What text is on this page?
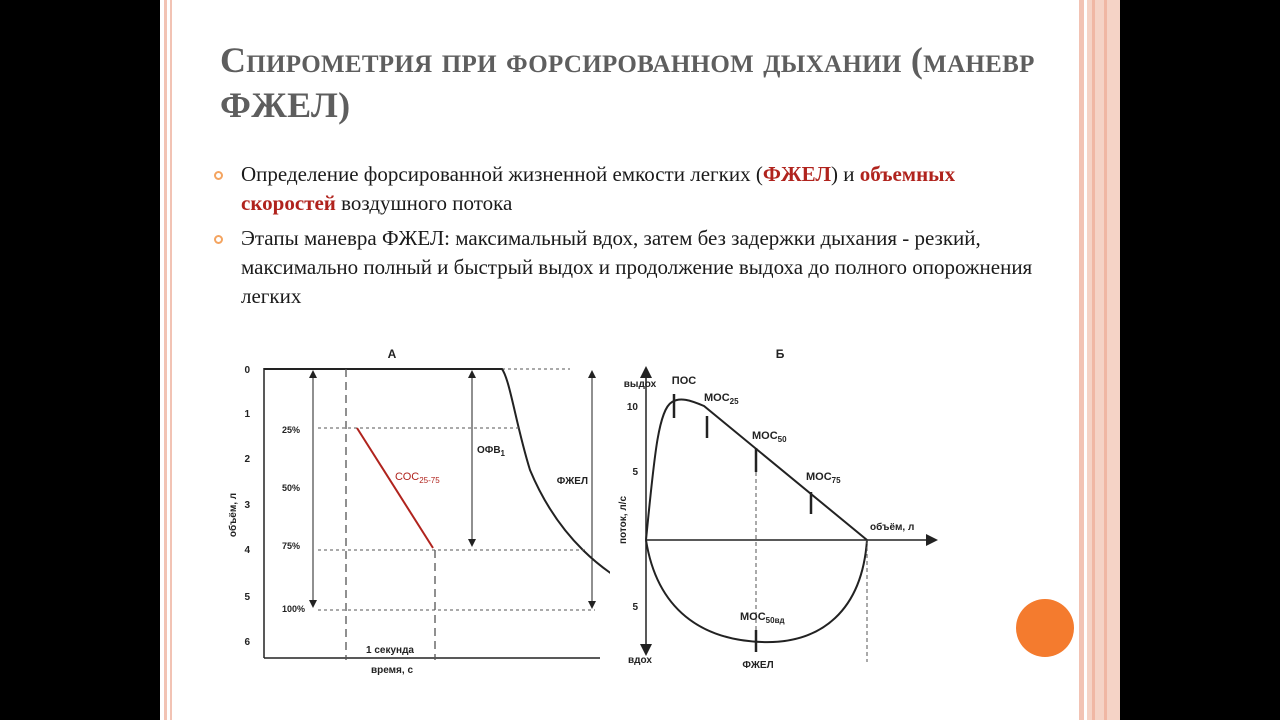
Спирометрия при форсированном дыхании (маневр ФЖЕЛ)
Определение форсированной жизненной емкости легких (ФЖЕЛ) и объемных скоростей воздушного потока
Этапы маневра ФЖЕЛ: максимальный вдох, затем без задержки дыхания - резкий, максимально полный и быстрый выдох и продолжение выдоха до полного опорожнения легких
А
0
1
2
3
4
5
6
объём, л
25%
50%
75%
100%
$СОС_{25-75}$
$ОФВ_1$
ФЖЕЛ
1 секунда
время, с
Б
выдох
вдох
поток, л/с	объём, л
10
5
5
ПОС
$МОС_{25}$
$МОС_{50}$
$МОС_{75}$
$МОС_{50вд}$
ФЖЕЛ
